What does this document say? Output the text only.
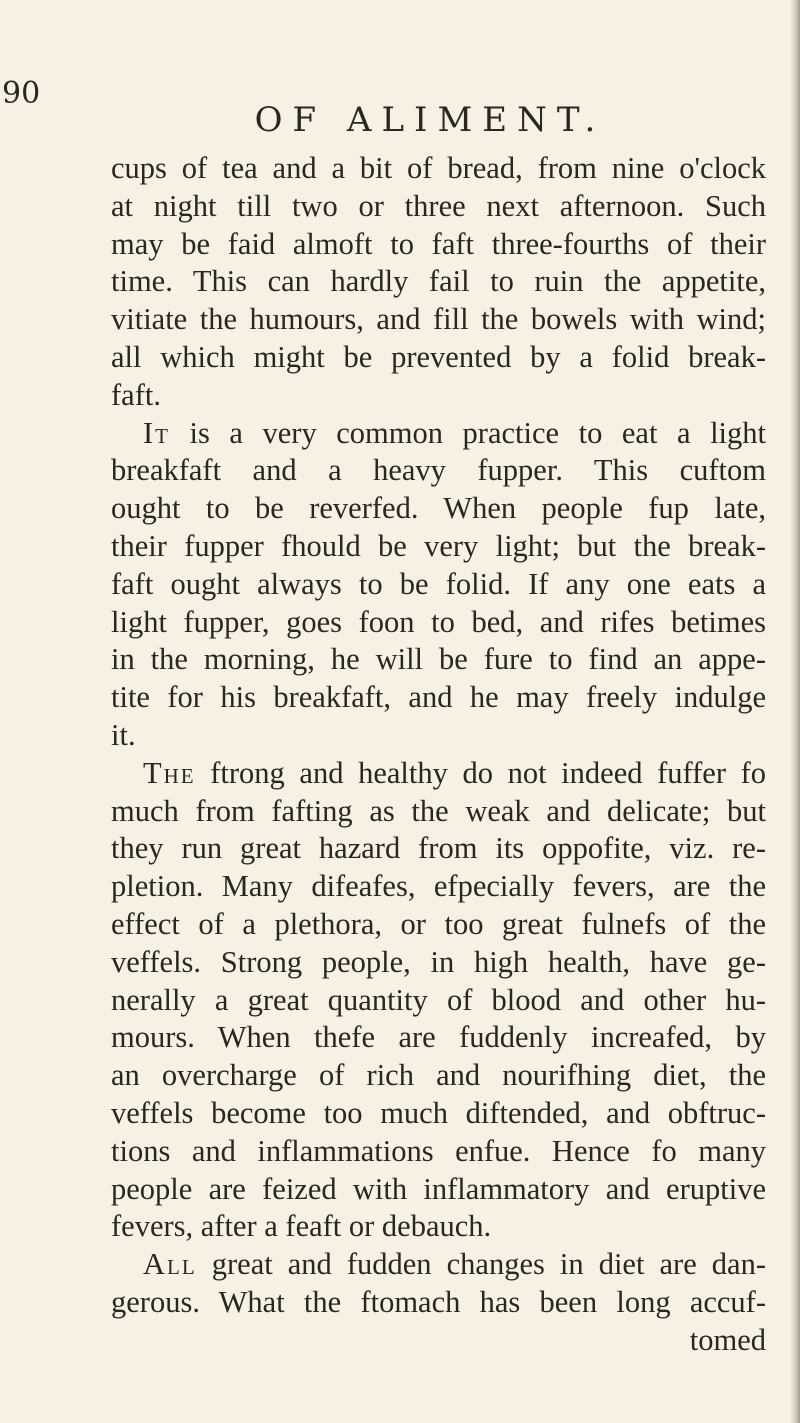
90
OF ALIMENT.
cups of tea and a bit of bread, from nine o'clock
at night till two or three next afternoon. Such
may be faid almoft to faft three-fourths of their
time. This can hardly fail to ruin the appetite,
vitiate the humours, and fill the bowels with wind;
all which might be prevented by a folid break-
faft.
It is a very common practice to eat a light
breakfaft and a heavy fupper. This cuftom
ought to be reverfed. When people fup late,
their fupper fhould be very light; but the break-
faft ought always to be folid. If any one eats a
light fupper, goes foon to bed, and rifes betimes
in the morning, he will be fure to find an appe-
tite for his breakfaft, and he may freely indulge
it.
The ftrong and healthy do not indeed fuffer fo
much from fafting as the weak and delicate; but
they run great hazard from its oppofite, viz. re-
pletion. Many difeafes, efpecially fevers, are the
effect of a plethora, or too great fulnefs of the
veffels. Strong people, in high health, have ge-
nerally a great quantity of blood and other hu-
mours. When thefe are fuddenly increafed, by
an overcharge of rich and nourifhing diet, the
veffels become too much diftended, and obftruc-
tions and inflammations enfue. Hence fo many
people are feized with inflammatory and eruptive
fevers, after a feaft or debauch.
All great and fudden changes in diet are dan-
gerous. What the ftomach has been long accuf-
tomed
